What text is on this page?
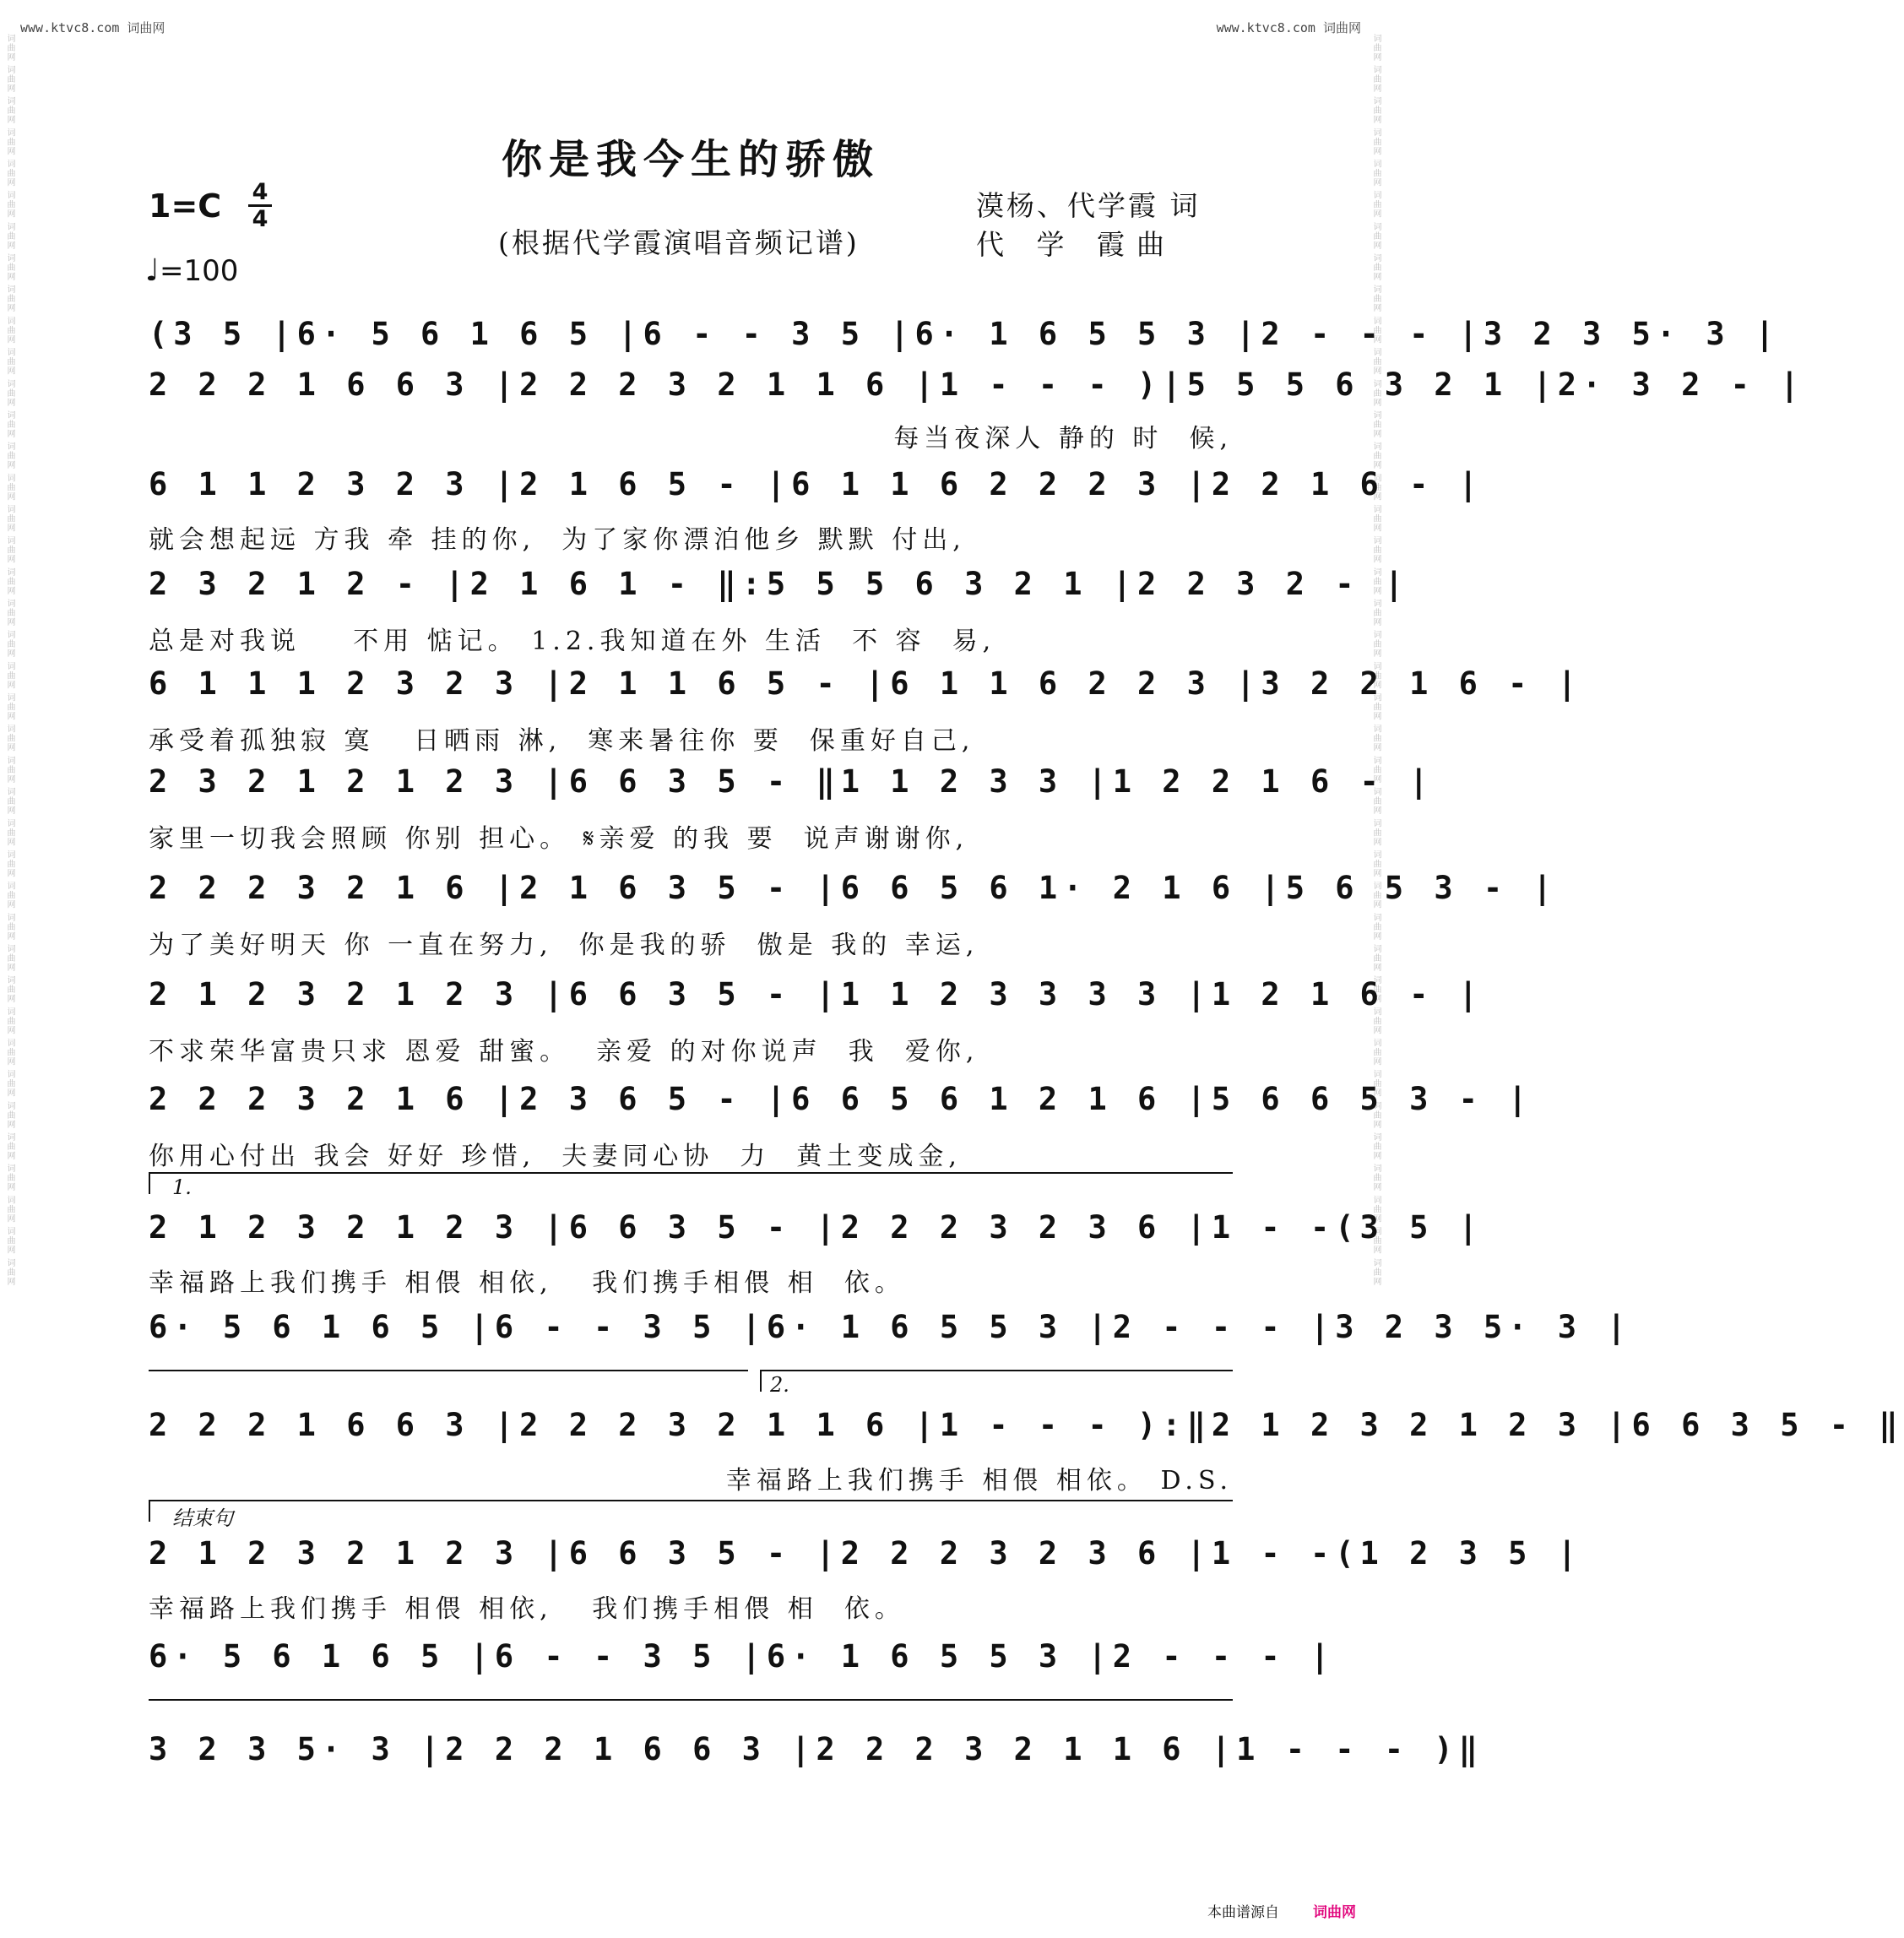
www.ktvc8.com 词曲网	www.ktvc8.com 词曲网
词曲网 词曲网 词曲网 词曲网 词曲网 词曲网 词曲网 词曲网 词曲网 词曲网 词曲网 词曲网 词曲网 词曲网 词曲网 词曲网 词曲网 词曲网 词曲网 词曲网 词曲网 词曲网 词曲网 词曲网 词曲网 词曲网 词曲网 词曲网 词曲网 词曲网 词曲网 词曲网 词曲网 词曲网 词曲网 词曲网 词曲网 词曲网 词曲网 词曲网	词曲网 词曲网 词曲网 词曲网 词曲网 词曲网 词曲网 词曲网 词曲网 词曲网 词曲网 词曲网 词曲网 词曲网 词曲网 词曲网 词曲网 词曲网 词曲网 词曲网 词曲网 词曲网 词曲网 词曲网 词曲网 词曲网 词曲网 词曲网 词曲网 词曲网 词曲网 词曲网 词曲网 词曲网 词曲网 词曲网 词曲网 词曲网 词曲网 词曲网
你是我今生的骄傲
1=C 4
4
♩=100
(根据代学霞演唱音频记谱)
漠杨、代学霞 词
代 学 霞曲
(3 5 |6· 5 6 1 6 5 |6 - - 3 5 |6· 1 6 5 5 3 |2 - - - |3 2 3 5· 3 |
2 2 2 1 6 6 3 |2 2 2 3 2 1 1 6 |1 - - - )|5 5 5 6 3 2 1 |2· 3 2 - |
每当夜深人 静的 时  候,
6 1 1 2 3 2 3 |2 1 6 5 - |6 1 1 6 2 2 2 3 |2 2 1 6 - |
就会想起远 方我 牵 挂的你,  为了家你漂泊他乡 默默 付出,
2 3 2 1 2 - |2 1 6 1 - ‖:5 5 5 6 3 2 1 |2 2 3 2 - |
总是对我说    不用 惦记。 1.2.我知道在外 生活  不 容  易,
6 1 1 1 2 3 2 3 |2 1 1 6 5 - |6 1 1 6 2 2 3 |3 2 2 1 6 - |
承受着孤独寂 寞   日晒雨 淋,  寒来暑往你 要  保重好自己,
2 3 2 1 2 1 2 3 |6 6 3 5 - ‖1 1 2 3 3 |1 2 2 1 6 - |
家里一切我会照顾 你别 担心。 𝄋亲爱 的我 要  说声谢谢你,
2 2 2 3 2 1 6 |2 1 6 3 5 - |6 6 5 6 1· 2 1 6 |5 6 5 3 - |
为了美好明天 你 一直在努力,  你是我的骄  傲是 我的 幸运,
2 1 2 3 2 1 2 3 |6 6 3 5 - |1 1 2 3 3 3 3 |1 2 1 6 - |
不求荣华富贵只求 恩爱 甜蜜。  亲爱 的对你说声  我  爱你,
2 2 2 3 2 1 6 |2 3 6 5 - |6 6 5 6 1 2 1 6 |5 6 6 5 3 - |
你用心付出 我会 好好 珍惜,  夫妻同心协  力  黄土变成金,
1.
2 1 2 3 2 1 2 3 |6 6 3 5 - |2 2 2 3 2 3 6 |1 - -(3 5 |
幸福路上我们携手 相偎 相依,   我们携手相偎 相  依。
6· 5 6 1 6 5 |6 - - 3 5 |6· 1 6 5 5 3 |2 - - - |3 2 3 5· 3 |
2.
2 2 2 1 6 6 3 |2 2 2 3 2 1 1 6 |1 - - - ):‖2 1 2 3 2 1 2 3 |6 6 3 5 - ‖
幸福路上我们携手 相偎 相依。 D.S.
结束句
2 1 2 3 2 1 2 3 |6 6 3 5 - |2 2 2 3 2 3 6 |1 - -(1 2 3 5 |
幸福路上我们携手 相偎 相依,   我们携手相偎 相  依。
6· 5 6 1 6 5 |6 - - 3 5 |6· 1 6 5 5 3 |2 - - - |
3 2 3 5· 3 |2 2 2 1 6 6 3 |2 2 2 3 2 1 1 6 |1 - - - )‖
本曲谱源自 词曲网
